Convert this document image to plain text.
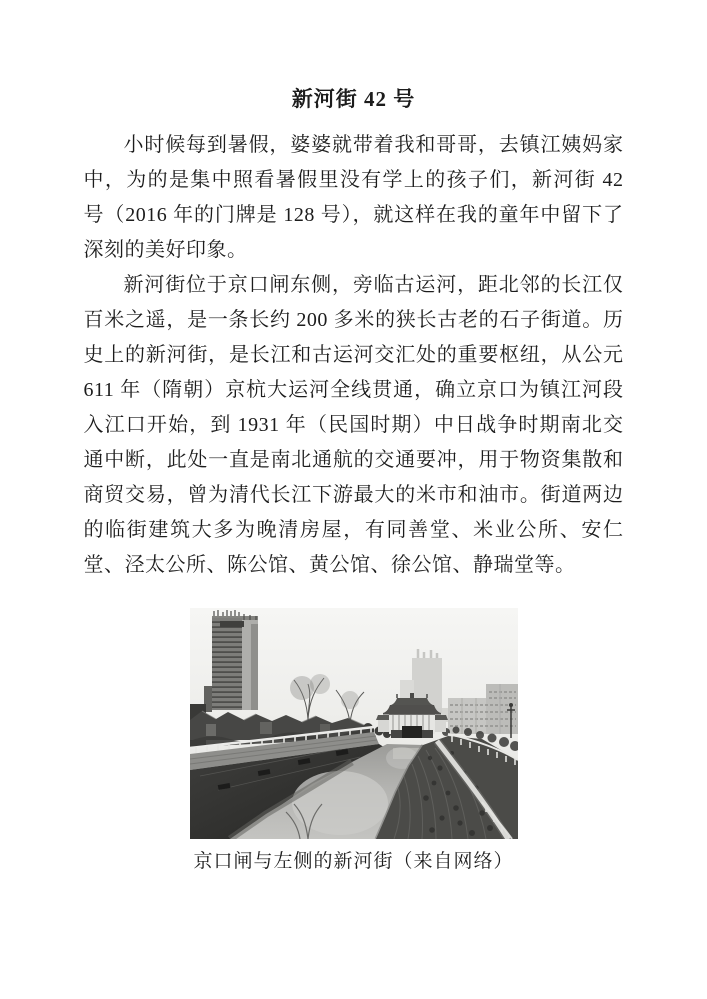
新河街 42 号

小时候每到暑假，婆婆就带着我和哥哥，去镇江姨妈家中，为的是集中照看暑假里没有学上的孩子们，新河街 42 号（2016 年的门牌是 128 号），就这样在我的童年中留下了深刻的美好印象。

新河街位于京口闸东侧，旁临古运河，距北邻的长江仅百米之遥，是一条长约 200 多米的狭长古老的石子街道。历史上的新河街，是长江和古运河交汇处的重要枢纽，从公元 611 年（隋朝）京杭大运河全线贯通，确立京口为镇江河段入江口开始，到 1931 年（民国时期）中日战争时期南北交通中断，此处一直是南北通航的交通要冲，用于物资集散和商贸交易，曾为清代长江下游最大的米市和油市。街道两边的临街建筑大多为晚清房屋，有同善堂、米业公所、安仁堂、泾太公所、陈公馆、黄公馆、徐公馆、静瑞堂等。

京口闸与左侧的新河街（来自网络）
